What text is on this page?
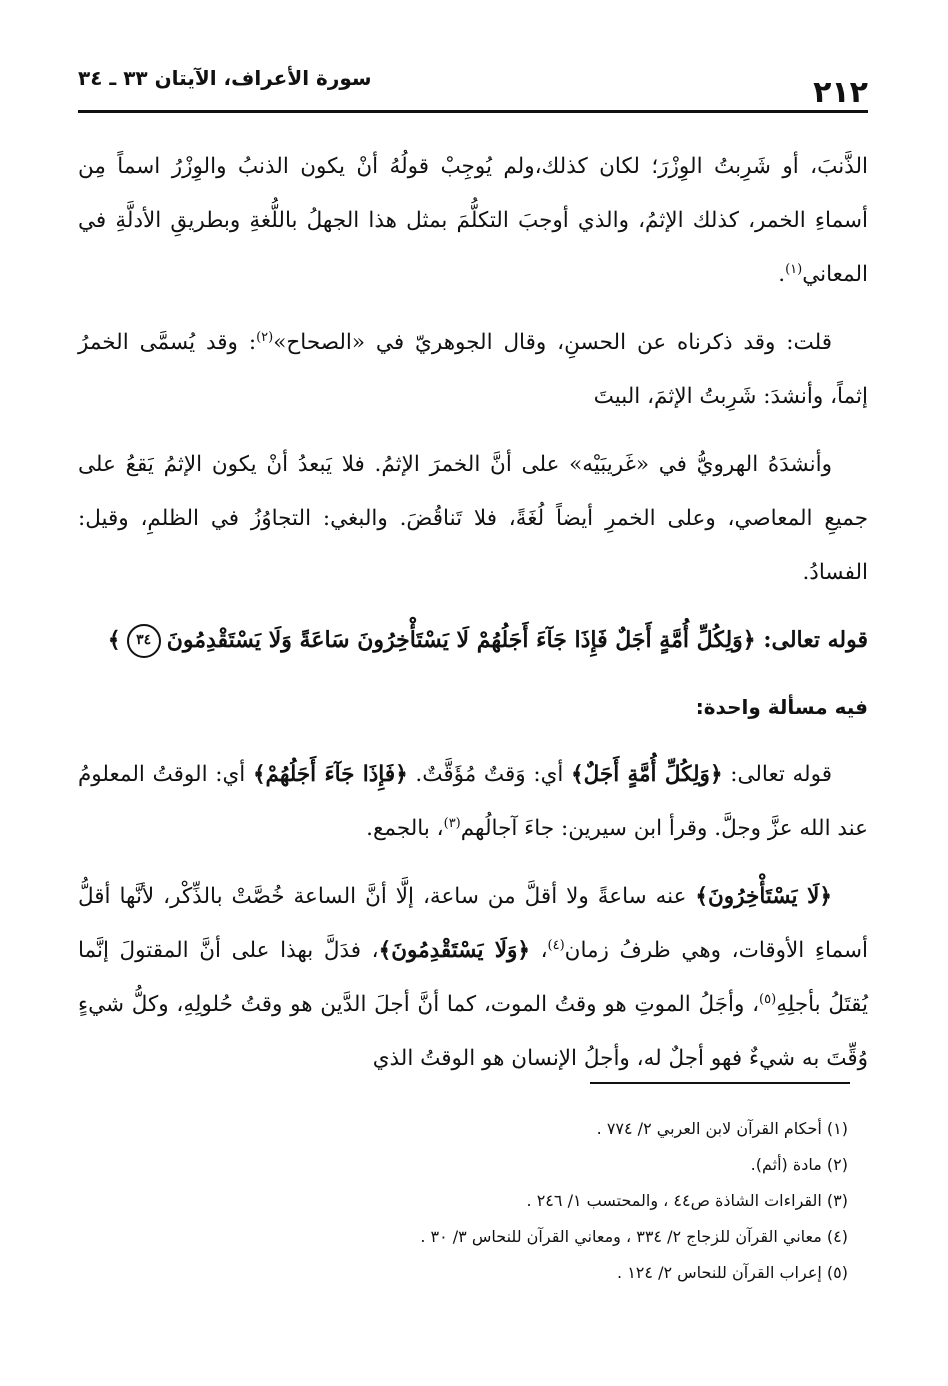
٢١٢
سورة الأعراف، الآيتان ٣٣ ـ ٣٤

الذَّنبَ، أو شَرِبتُ الوِزْرَ؛ لكان كذلك،ولم يُوجِبْ قولُهُ أنْ يكون الذنبُ والوِزْرُ اسماً مِن أسماءِ الخمر، كذلك الإثمُ، والذي أوجبَ التكلُّمَ بمثل هذا الجهلُ باللُّغةِ وبطريقِ الأدلَّةِ في المعاني$^{(١)}$.

قلت: وقد ذكرناه عن الحسنِ، وقال الجوهريّ في «الصحاح»$^{(٢)}$: وقد يُسمَّى الخمرُ إثماً، وأنشدَ: شَرِبتُ الإثمَ، البيتَ

وأنشدَهُ الهرويُّ في «غَريبَيْه» على أنَّ الخمرَ الإثمُ. فلا يَبعدُ أنْ يكون الإثمُ يَقعُ على جميعِ المعاصي، وعلى الخمرِ أيضاً لُغَةً، فلا تَناقُضَ. والبغي: التجاوُزُ في الظلمِ، وقيل: الفسادُ.

قوله تعالى: ﴿وَلِكُلِّ أُمَّةٍ أَجَلٌ فَإِذَا جَآءَ أَجَلُهُمْ لَا يَسْتَأْخِرُونَ سَاعَةً وَلَا يَسْتَقْدِمُونَ٣٤﴾

فيه مسألة واحدة:

قوله تعالى: ﴿وَلِكُلِّ أُمَّةٍ أَجَلٌ﴾ أي: وَقتٌ مُؤَقَّتٌ. ﴿فَإِذَا جَآءَ أَجَلُهُمْ﴾ أي: الوقتُ المعلومُ عند الله عزَّ وجلَّ. وقرأ ابن سيرين: جاءَ آجالُهم$^{(٣)}$، بالجمع.

﴿لَا يَسْتَأْخِرُونَ﴾ عنه ساعةً ولا أقلَّ من ساعة، إلَّا أنَّ الساعة خُصَّتْ بالذِّكْر، لأنَّها أقلُّ أسماءِ الأوقات، وهي ظرفُ زمان$^{(٤)}$، ﴿وَلَا يَسْتَقْدِمُونَ﴾، فدَلَّ بهذا على أنَّ المقتولَ إنَّما يُقتَلُ بأجلِهِ$^{(٥)}$، وأجَلُ الموتِ هو وقتُ الموت، كما أنَّ أجلَ الدَّين هو وقتُ حُلولِهِ، وكلُّ شيءٍ وُقِّتَ به شيءٌ فهو أجلٌ له، وأجلُ الإنسان هو الوقتُ الذي

(١) أحكام القرآن لابن العربي ٢/ ٧٧٤ .

(٢) مادة (أثم).

(٣) القراءات الشاذة ص٤٤ ، والمحتسب ١/ ٢٤٦ .

(٤) معاني القرآن للزجاج ٢/ ٣٣٤ ، ومعاني القرآن للنحاس ٣/ ٣٠ .

(٥) إعراب القرآن للنحاس ٢/ ١٢٤ .
